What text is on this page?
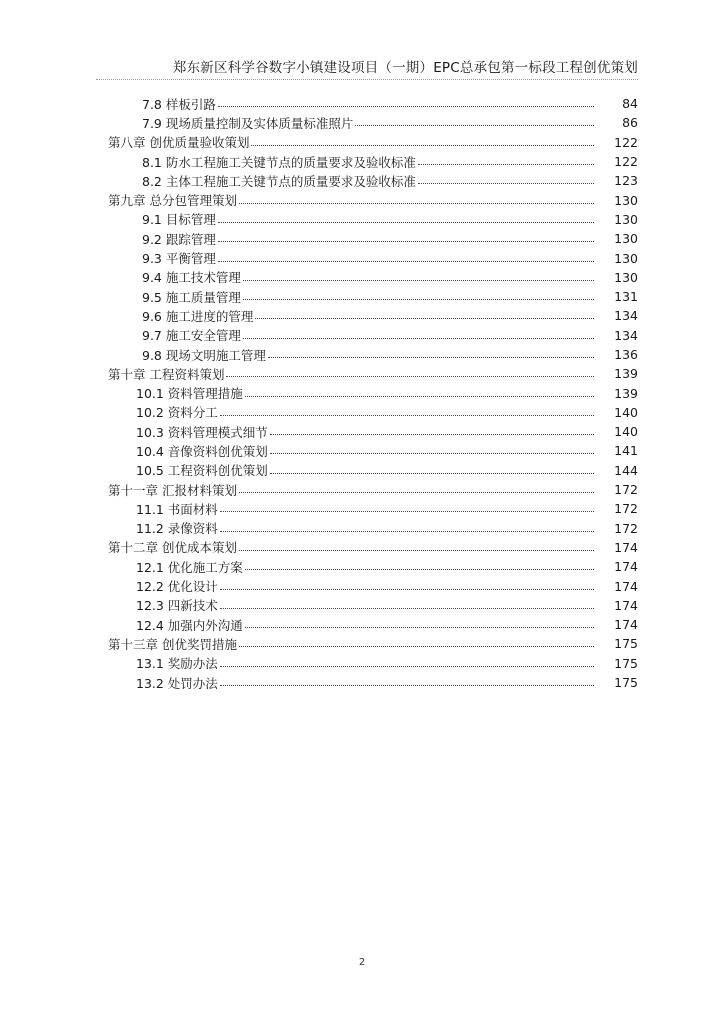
郑东新区科学谷数字小镇建设项目（一期）EPC总承包第一标段工程创优策划
7.8 样板引路	84
7.9 现场质量控制及实体质量标准照片	86
第八章 创优质量验收策划	122
8.1 防水工程施工关键节点的质量要求及验收标准	122
8.2 主体工程施工关键节点的质量要求及验收标准	123
第九章 总分包管理策划	130
9.1 目标管理	130
9.2 跟踪管理	130
9.3 平衡管理	130
9.4 施工技术管理	130
9.5 施工质量管理	131
9.6 施工进度的管理	134
9.7 施工安全管理	134
9.8 现场文明施工管理	136
第十章 工程资料策划	139
10.1 资料管理措施	139
10.2 资料分工	140
10.3 资料管理模式细节	140
10.4 音像资料创优策划	141
10.5 工程资料创优策划	144
第十一章 汇报材料策划	172
11.1 书面材料	172
11.2 录像资料	172
第十二章 创优成本策划	174
12.1 优化施工方案	174
12.2 优化设计	174
12.3 四新技术	174
12.4 加强内外沟通	174
第十三章 创优奖罚措施	175
13.1 奖励办法	175
13.2 处罚办法	175
2
